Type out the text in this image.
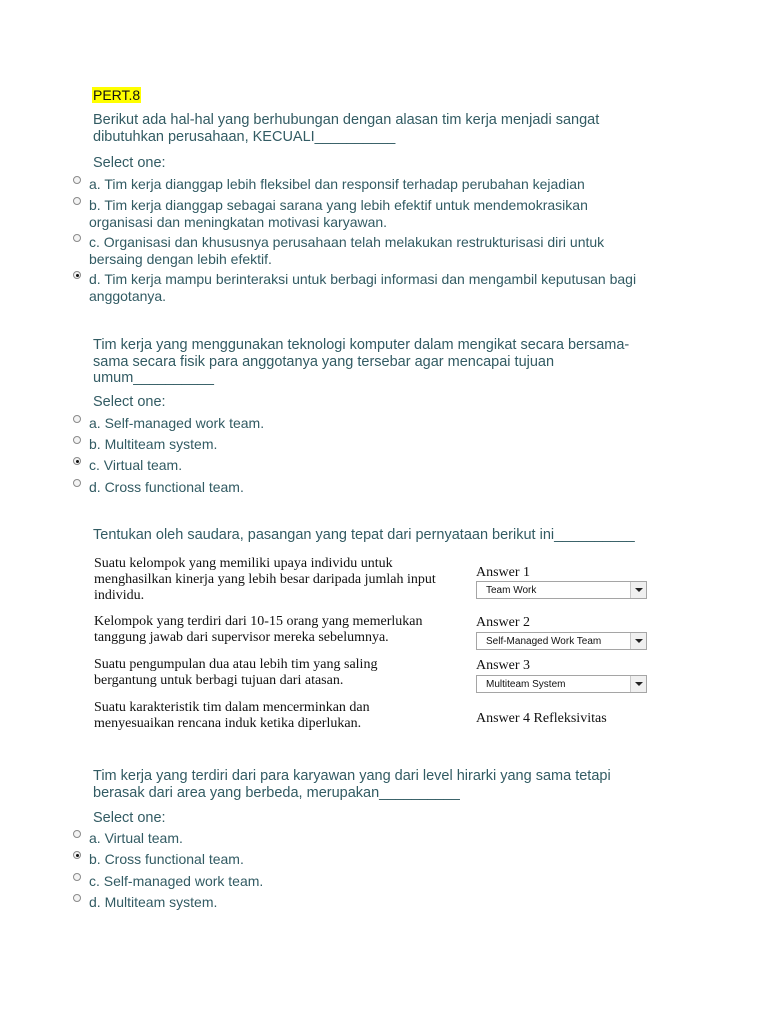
PERT.8
Berikut ada hal-hal yang berhubungan dengan alasan tim kerja menjadi sangat
dibutuhkan perusahaan, KECUALI__________
Select one:
a. Tim kerja dianggap lebih fleksibel dan responsif terhadap perubahan kejadian
b. Tim kerja dianggap sebagai sarana yang lebih efektif untuk mendemokrasikan
organisasi dan meningkatan motivasi karyawan.
c. Organisasi dan khususnya perusahaan telah melakukan restrukturisasi diri untuk
bersaing dengan lebih efektif.
d. Tim kerja mampu berinteraksi untuk berbagi informasi dan mengambil keputusan bagi
anggotanya.
Tim kerja yang menggunakan teknologi komputer dalam mengikat secara bersama-
sama secara fisik para anggotanya yang tersebar agar mencapai tujuan
umum__________
Select one:
a. Self-managed work team.
b. Multiteam system.
c. Virtual team.
d. Cross functional team.
Tentukan oleh saudara, pasangan yang tepat dari pernyataan berikut ini__________
Suatu kelompok yang memiliki upaya individu untuk
menghasilkan kinerja yang lebih besar daripada jumlah input
individu.
Kelompok yang terdiri dari 10-15 orang yang memerlukan
tanggung jawab dari supervisor mereka sebelumnya.
Suatu pengumpulan dua atau lebih tim yang saling
bergantung untuk berbagi tujuan dari atasan.
Suatu karakteristik tim dalam mencerminkan dan
menyesuaikan rencana induk ketika diperlukan.
Answer 1
Team Work
Answer 2
Self-Managed Work Team
Answer 3
Multiteam System
Answer 4 Refleksivitas
Tim kerja yang terdiri dari para karyawan yang dari level hirarki yang sama tetapi
berasak dari area yang berbeda, merupakan__________
Select one:
a. Virtual team.
b. Cross functional team.
c. Self-managed work team.
d. Multiteam system.
